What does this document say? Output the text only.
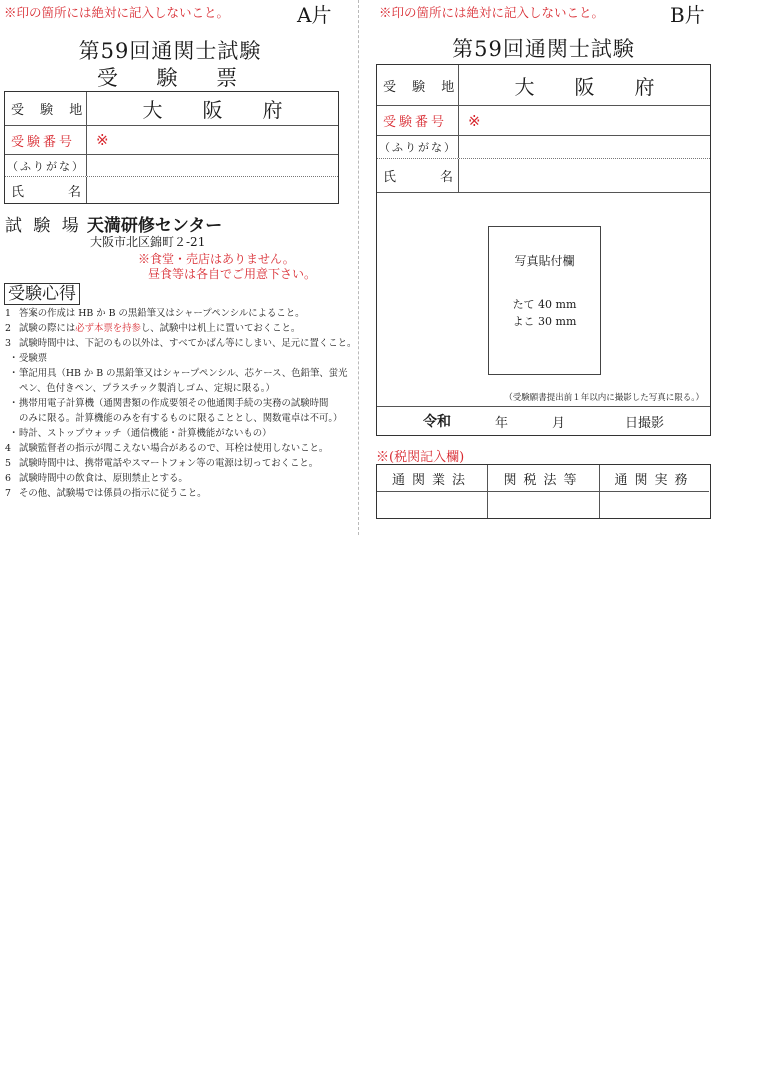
※印の箇所には絶対に記入しないこと。	A片
第59回通関士試験
受 験 票
受 験 地	大　　阪　　府
受験番号	※
（ふりがな）
氏　　名
試 験 場 天満研修センター
大阪市北区錦町２-21
※食堂・売店はありません。
昼食等は各自でご用意下さい。
受験心得
1 答案の作成は HB か B の黒鉛筆又はシャープペンシルによること。
2 試験の際には必ず本票を持参し、試験中は机上に置いておくこと。
3 試験時間中は、下記のもの以外は、すべてかばん等にしまい、足元に置くこと。
・受験票
・筆記用具（HB か B の黒鉛筆又はシャープペンシル、芯ケース、色鉛筆、蛍光
ペン、色付きペン、プラスチック製消しゴム、定規に限る。）
・携帯用電子計算機（通関書類の作成要領その他通関手続の実務の試験時間
のみに限る。計算機能のみを有するものに限ることとし、関数電卓は不可。）
・時計、ストップウォッチ（通信機能・計算機能がないもの）
4 試験監督者の指示が聞こえない場合があるので、耳栓は使用しないこと。
5 試験時間中は、携帯電話やスマートフォン等の電源は切っておくこと。
6 試験時間中の飲食は、原則禁止とする。
7 その他、試験場では係員の指示に従うこと。
※印の箇所には絶対に記入しないこと。	B片
第59回通関士試験
受 験 地	大　　阪　　府
受験番号	※
（ふりがな）
氏　　名
写真貼付欄
たて 40 mm
よこ 30 mm
（受験願書提出前１年以内に撮影した写真に限る。）
令和	年	月	日撮影
※(税関記入欄)
通関業法	関税法等	通関実務
